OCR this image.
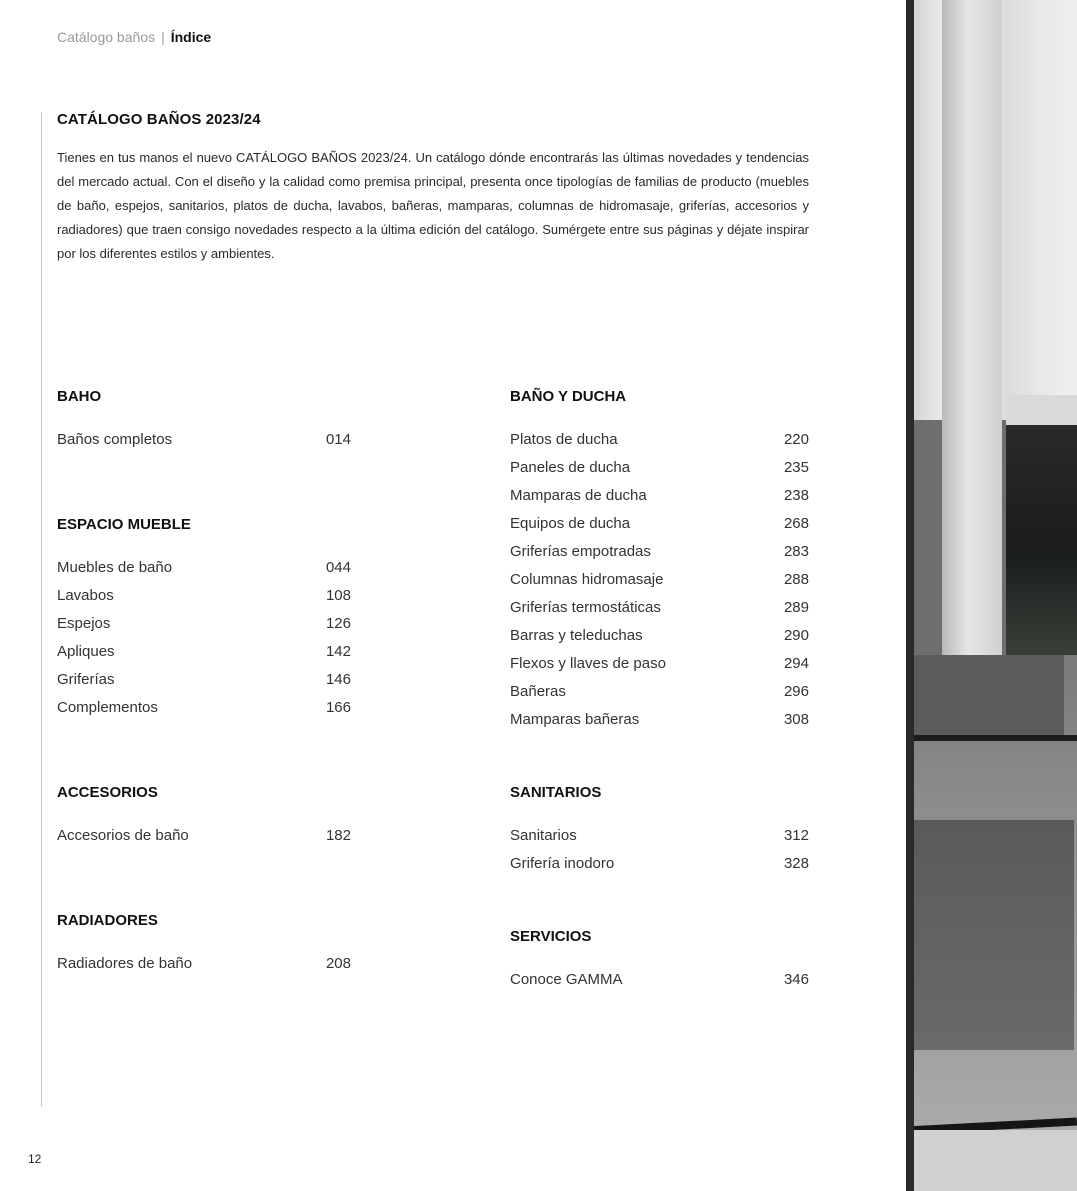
Catálogo baños | Índice
CATÁLOGO BAÑOS 2023/24

Tienes en tus manos el nuevo CATÁLOGO BAÑOS 2023/24. Un catálogo dónde encontrarás las últimas novedades y tendencias del mercado actual. Con el diseño y la calidad como premisa principal, presenta once tipologías de familias de producto (muebles de baño, espejos, sanitarios, platos de ducha, lavabos, bañeras, mamparas, columnas de hidromasaje, griferías, accesorios y radiadores) que traen consigo novedades respecto a la última edición del catálogo. Sumérgete entre sus páginas y déjate inspirar por los diferentes estilos y ambientes.

BAHO
Baños completos	014
ESPACIO MUEBLE
Muebles de baño	044
Lavabos	108
Espejos	126
Apliques	142
Griferías	146
Complementos	166
ACCESORIOS
Accesorios de baño	182
RADIADORES
Radiadores de baño	208
BAÑO Y DUCHA
Platos de ducha	220
Paneles de ducha	235
Mamparas de ducha	238
Equipos de ducha	268
Griferías empotradas	283
Columnas hidromasaje	288
Griferías termostáticas	289
Barras y teleduchas	290
Flexos y llaves de paso	294
Bañeras	296
Mamparas bañeras	308
SANITARIOS
Sanitarios	312
Grifería inodoro	328
SERVICIOS
Conoce GAMMA	346
12
